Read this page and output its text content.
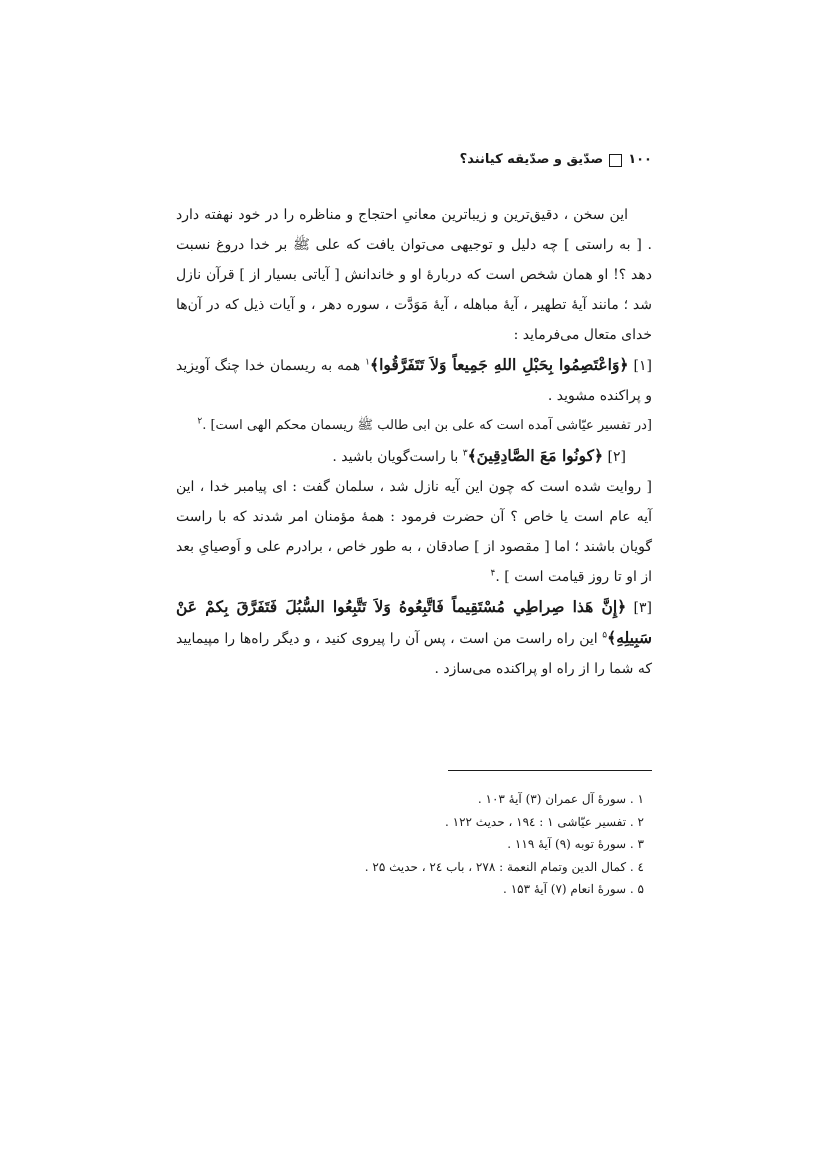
۱۰۰
صدّیق و صدّیقه کیانند؟

این سخن ، دقیق‌ترین و زیباترین معانیِ احتجاج و مناظره را در خود نهفته دارد . [ به راستی ] چه دلیل و توجیهی می‌توان یافت که علی ﷺ بر خدا دروغ نسبت دهد ؟! او همان شخص است که دربارهٔ او و خاندانش [ آیاتی بسیار از ] قرآن نازل شد ؛ مانند آیهٔ تطهیر ، آیهٔ مباهله ، آیهٔ مَوَدَّت ، سوره دهر ، و آیات ذیل که در آن‌ها خدای متعال می‌فرماید :

[۱] ﴿وَاعْتَصِمُوا بِحَبْلِ اللهِ جَمِيعاً وَلاَ تَتَفَرَّقُوا﴾$^۱$ همه به ریسمان خدا چنگ آویزید و پراکنده مشوید .

[در تفسیر عیّاشی آمده است که علی بن ابی طالب ﷺ ریسمان محکم الهی است] .$^۲$

[۲] ﴿كونُوا مَعَ الصَّادِقِينَ﴾$^۳$ با راست‌گویان باشید .

[ روایت شده است که چون این آیه نازل شد ، سلمان گفت : ای پیامبر خدا ، این آیه عام است یا خاص ؟ آن حضرت فرمود : همهٔ مؤمنان امر شدند که با راست گویان باشند ؛ اما [ مقصود از ] صادقان ، به طور خاص ، برادرم علی و اَوصیایِ بعد از او تا روز قیامت است ] .$^۴$

[۳] ﴿إِنَّ هَذا صِراطِي مُسْتَقِيماً فَاتَّبِعُوهُ وَلاَ تَتَّبِعُوا السُّبُلَ فَتَفَرَّقَ بِكمْ عَنْ سَبِيلِهِ﴾$^۵$ این راه راست من است ، پس آن را پیروی کنید ، و دیگر راه‌ها را مپیمایید که شما را از راه او پراکنده می‌سازد .

۱ . سورهٔ آل عمران (۳) آیهٔ ۱۰۳ .
۲ . تفسیر عیّاشی ۱ : ۱۹٤ ، حدیث ۱۲۲ .
۳ . سورهٔ توبه (۹) آیهٔ ۱۱۹ .
٤ . کمال الدین وتمام النعمة : ۲۷۸ ، باب ۲٤ ، حدیث ۲۵ .
۵ . سورهٔ انعام (۷) آیهٔ ۱۵۳ .
